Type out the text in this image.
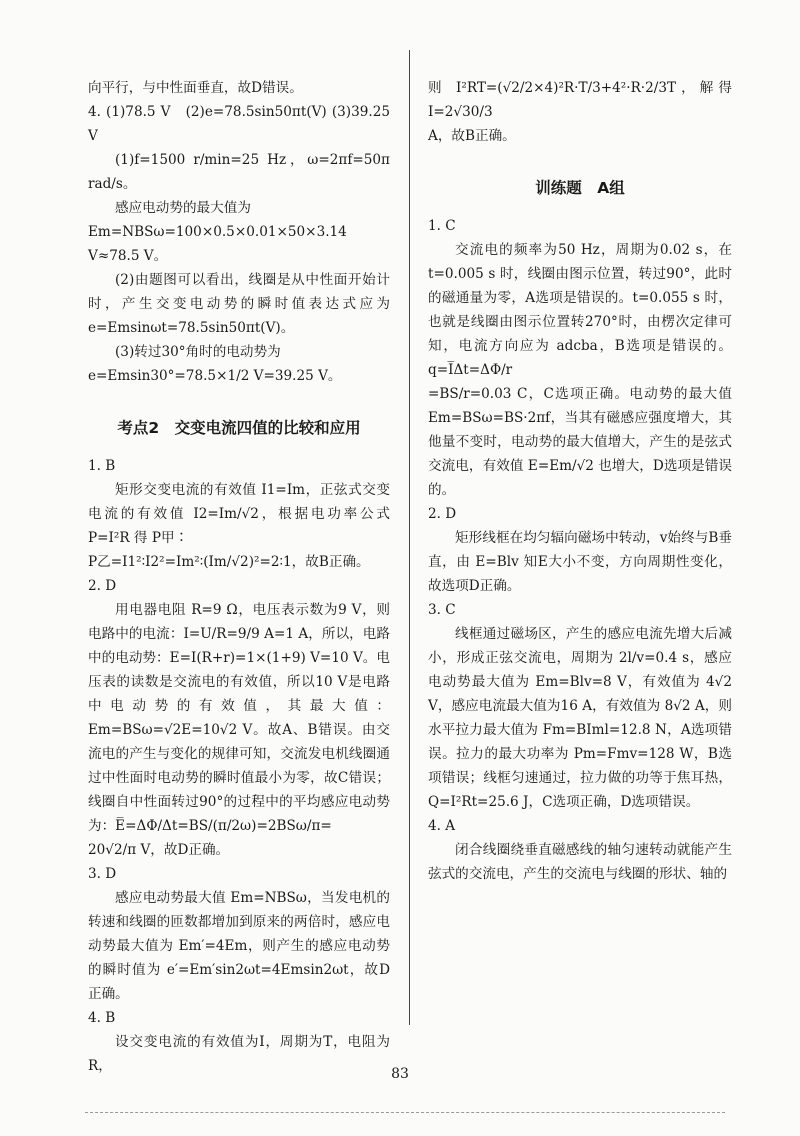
向平行，与中性面垂直，故D错误。

4. (1)78.5 V　(2)e=78.5sin50πt(V) (3)39.25 V

(1)f=1500 r/min=25 Hz，ω=2πf=50π rad/s。

感应电动势的最大值为

Em=NBSω=100×0.5×0.01×50×3.14 V≈78.5 V。

(2)由题图可以看出，线圈是从中性面开始计时，产生交变电动势的瞬时值表达式应为 e=Emsinωt=78.5sin50πt(V)。

(3)转过30°角时的电动势为

e=Emsin30°=78.5×1/2 V=39.25 V。

考点2　交变电流四值的比较和应用

1. B

矩形交变电流的有效值 I1=Im，正弦式交变电流的有效值 I2=Im/√2，根据电功率公式 P=I²R 得 P甲∶

P乙=I1²∶I2²=Im²∶(Im/√2)²=2∶1，故B正确。

2. D

用电器电阻 R=9 Ω，电压表示数为9 V，则电路中的电流：I=U/R=9/9 A=1 A，所以，电路中的电动势：E=I(R+r)=1×(1+9) V=10 V。电压表的读数是交流电的有效值，所以10 V是电路中电动势的有效值，其最大值：Em=BSω=√2E=10√2 V。故A、B错误。由交流电的产生与变化的规律可知，交流发电机线圈通过中性面时电动势的瞬时值最小为零，故C错误；线圈自中性面转过90°的过程中的平均感应电动势为：E̅=ΔΦ/Δt=BS/(π/2ω)=2BSω/π=

20√2/π V，故D正确。

3. D

感应电动势最大值 Em=NBSω，当发电机的转速和线圈的匝数都增加到原来的两倍时，感应电动势最大值为 Em′=4Em，则产生的感应电动势的瞬时值为 e′=Em′sin2ωt=4Emsin2ωt，故D正确。

4. B

设交变电流的有效值为I，周期为T，电阻为R，

则 I²RT=(√2/2×4)²R·T/3+4²·R·2/3T，解得 I=2√30/3

A，故B正确。

训练题　A组

1. C

交流电的频率为50 Hz，周期为0.02 s，在 t=0.005 s 时，线圈由图示位置，转过90°，此时的磁通量为零，A选项是错误的。t=0.055 s 时，也就是线圈由图示位置转270°时，由楞次定律可知，电流方向应为 adcba，B选项是错误的。q=I̅Δt=ΔΦ/r

=BS/r=0.03 C，C选项正确。电动势的最大值 Em=BSω=BS·2πf，当其有磁感应强度增大，其他量不变时，电动势的最大值增大，产生的是弦式交流电，有效值 E=Em/√2 也增大，D选项是错误的。

2. D

矩形线框在均匀辐向磁场中转动，v始终与B垂直，由 E=Blv 知E大小不变，方向周期性变化，故选项D正确。

3. C

线框通过磁场区，产生的感应电流先增大后减小，形成正弦交流电，周期为 2l/v=0.4 s，感应电动势最大值为 Em=Blv=8 V，有效值为 4√2 V，感应电流最大值为16 A，有效值为 8√2 A，则水平拉力最大值为 Fm=BIml=12.8 N，A选项错误。拉力的最大功率为 Pm=Fmv=128 W，B选项错误；线框匀速通过，拉力做的功等于焦耳热，Q=I²Rt=25.6 J，C选项正确，D选项错误。

4. A

闭合线圈绕垂直磁感线的轴匀速转动就能产生弦式的交流电，产生的交流电与线圈的形状、轴的

83
